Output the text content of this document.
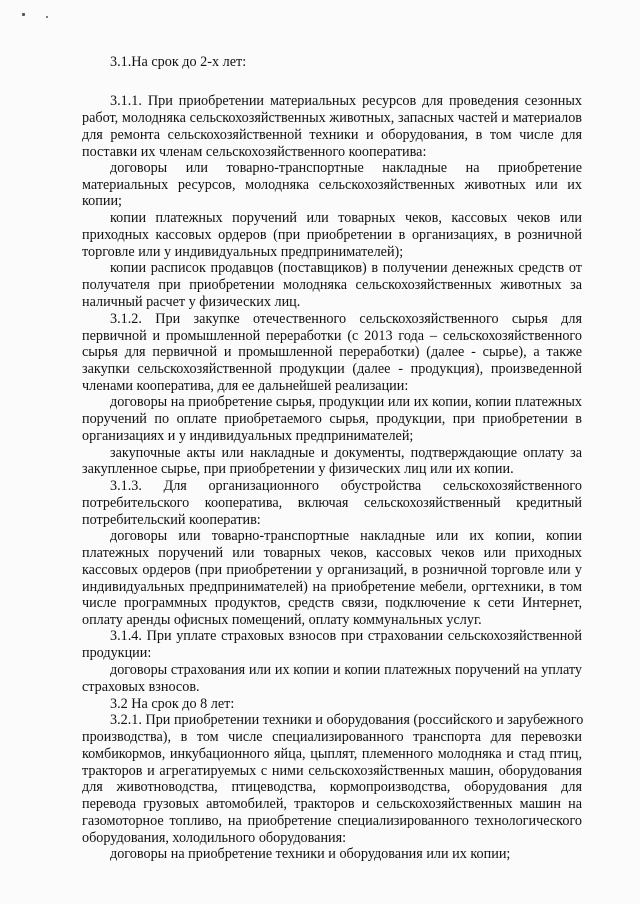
3.1.На срок до 2-х лет:
3.1.1. При приобретении материальных ресурсов для проведения сезонных
работ, молодняка сельскохозяйственных животных, запасных частей и материалов
для ремонта сельскохозяйственной техники и оборудования, в том числе для
поставки их членам сельскохозяйственного кооператива:
договоры или товарно-транспортные накладные на приобретение
материальных ресурсов, молодняка сельскохозяйственных животных или их
копии;
копии платежных поручений или товарных чеков, кассовых чеков или
приходных кассовых ордеров (при приобретении в организациях, в розничной
торговле или у индивидуальных предпринимателей);
копии расписок продавцов (поставщиков) в получении денежных средств от
получателя при приобретении молодняка сельскохозяйственных животных за
наличный расчет у физических лиц.
3.1.2. При закупке отечественного сельскохозяйственного сырья для
первичной и промышленной переработки (с 2013 года – сельскохозяйственного
сырья для первичной и промышленной переработки) (далее - сырье), а также
закупки сельскохозяйственной продукции (далее - продукция), произведенной
членами кооператива, для ее дальнейшей реализации:
договоры на приобретение сырья, продукции или их копии, копии платежных
поручений по оплате приобретаемого сырья, продукции, при приобретении в
организациях и у индивидуальных предпринимателей;
закупочные акты или накладные и документы, подтверждающие оплату за
закупленное сырье, при приобретении у физических лиц или их копии.
3.1.3. Для организационного обустройства сельскохозяйственного
потребительского кооператива, включая сельскохозяйственный кредитный
потребительский кооператив:
договоры или товарно-транспортные накладные или их копии, копии
платежных поручений или товарных чеков, кассовых чеков или приходных
кассовых ордеров (при приобретении у организаций, в розничной торговле или у
индивидуальных предпринимателей) на приобретение мебели, оргтехники, в том
числе программных продуктов, средств связи, подключение к сети Интернет,
оплату аренды офисных помещений, оплату коммунальных услуг.
3.1.4. При уплате страховых взносов при страховании сельскохозяйственной
продукции:
договоры страхования или их копии и копии платежных поручений на уплату
страховых взносов.
3.2 На срок до 8 лет:
3.2.1. При приобретении техники и оборудования (российского и зарубежного
производства), в том числе специализированного транспорта для перевозки
комбикормов, инкубационного яйца, цыплят, племенного молодняка и стад птиц,
тракторов и агрегатируемых с ними сельскохозяйственных машин, оборудования
для животноводства, птицеводства, кормопроизводства, оборудования для
перевода грузовых автомобилей, тракторов и сельскохозяйственных машин на
газомоторное топливо, на приобретение специализированного технологического
оборудования, холодильного оборудования:
договоры на приобретение техники и оборудования или их копии;
